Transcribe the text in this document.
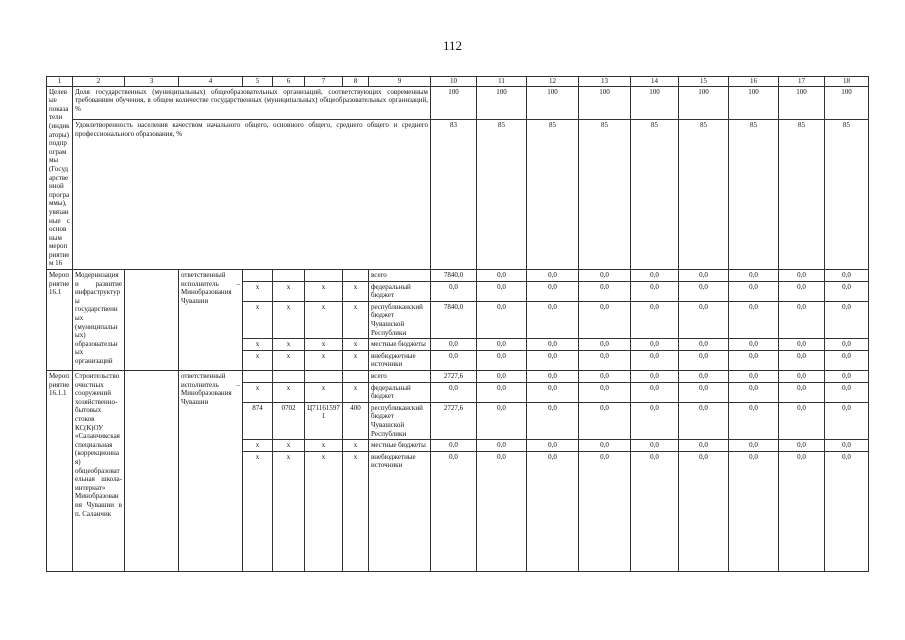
112
1	2	3	4	5	6	7	8	9	10	11	12	13	14	15	16	17	18
Целевые показатели (индикаторы) подпрограммы (Государственной программы), увязанные с основным мероприятием 16	Доля государственных (муниципальных) общеобразовательных организаций, соответствующих современным требованиям обучения, в общем количестве государственных (муниципальных) общеобразовательных организаций, %								100	100	100	100	100	100	100	100	100
	Удовлетворенность населения качеством начального общего, основного общего, среднего общего и среднего профессионального образования, %								83	85	85	85	85	85	85	85	85
Мероприятие 16.1	Модернизация и развитие инфраструктуры государственных (муниципальных) образовательных организаций		ответственный исполнитель – Минобразования Чувашии					всего	7840,0	0,0	0,0	0,0	0,0	0,0	0,0	0,0	0,0
				x	x	x	x	федеральный бюджет	0,0	0,0	0,0	0,0	0,0	0,0	0,0	0,0	0,0
				x	x	x	x	республиканский бюджет Чувашской Республики	7840,0	0,0	0,0	0,0	0,0	0,0	0,0	0,0	0,0
				x	x	x	x	местные бюджеты	0,0	0,0	0,0	0,0	0,0	0,0	0,0	0,0	0,0
				x	x	x	x	внебюджетные источники	0,0	0,0	0,0	0,0	0,0	0,0	0,0	0,0	0,0
Мероприятие 16.1.1	Строительство очистных сооружений хозяйственно-бытовых стоков КС(К)ОУ «Саланчикская специальная (коррекционная) общеобразовательная школа-интернат» Минобразования Чувашии в п. Саланчик		ответственный исполнитель – Минобразования Чувашии					всего	2727,6	0,0	0,0	0,0	0,0	0,0	0,0	0,0	0,0
				x	x	x	x	федеральный бюджет	0,0	0,0	0,0	0,0	0,0	0,0	0,0	0,0	0,0
				874	0702	Ц711615971	400	республиканский бюджет Чувашской Республики	2727,6	0,0	0,0	0,0	0,0	0,0	0,0	0,0	0,0
				x	x	x	x	местные бюджеты	0,0	0,0	0,0	0,0	0,0	0,0	0,0	0,0	0,0
				x	x	x	x	внебюджетные источники	0,0	0,0	0,0	0,0	0,0	0,0	0,0	0,0	0,0
